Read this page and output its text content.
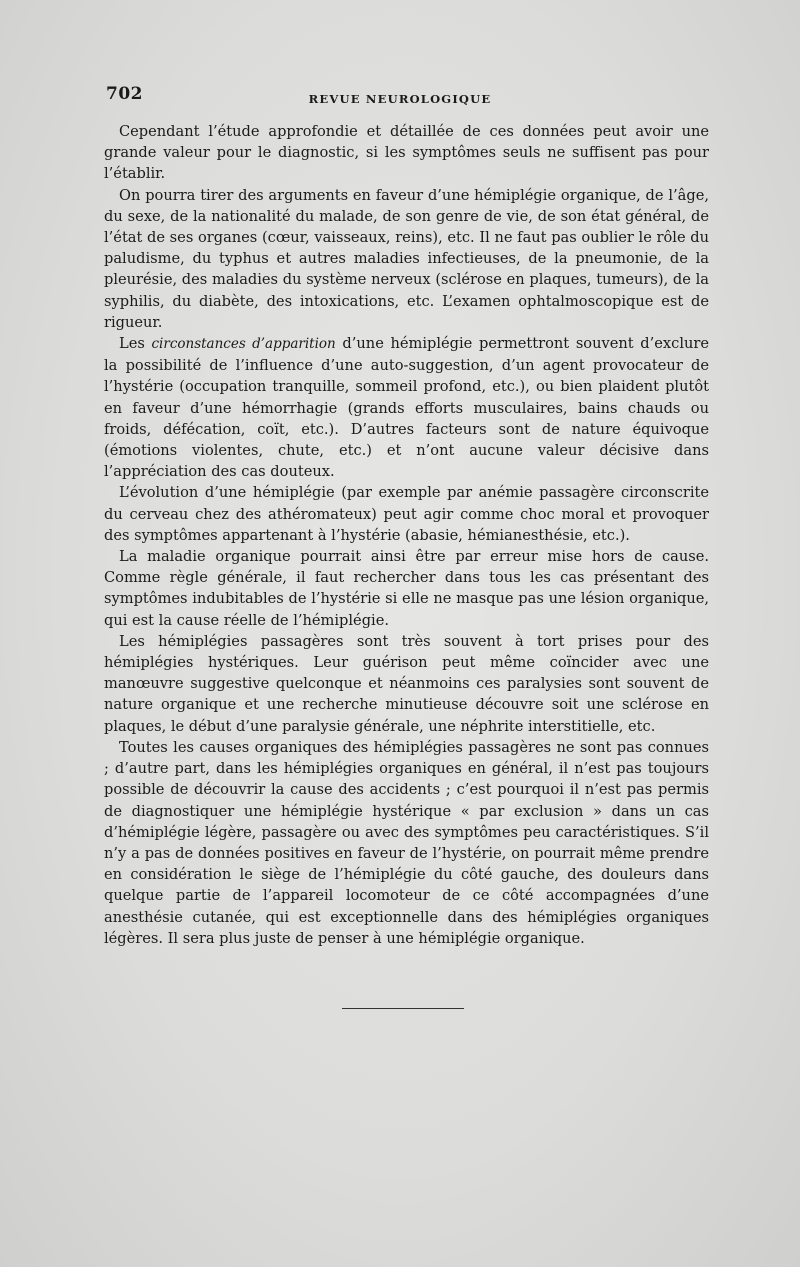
702	REVUE NEUROLOGIQUE

Cependant l’étude approfondie et détaillée de ces données peut avoir une grande valeur pour le diagnostic, si les symptômes seuls ne suffisent pas pour l’établir.

On pourra tirer des arguments en faveur d’une hémiplégie organique, de l’âge, du sexe, de la nationalité du malade, de son genre de vie, de son état général, de l’état de ses organes (cœur, vaisseaux, reins), etc. Il ne faut pas oublier le rôle du paludisme, du typhus et autres maladies infectieuses, de la pneumonie, de la pleurésie, des maladies du système nerveux (sclérose en plaques, tumeurs), de la syphilis, du diabète, des intoxications, etc. L’examen ophtalmoscopique est de rigueur.

Les circonstances d’apparition d’une hémiplégie permettront souvent d’exclure la possibilité de l’influence d’une auto-suggestion, d’un agent provocateur de l’hystérie (occupation tranquille, sommeil profond, etc.), ou bien plaident plutôt en faveur d’une hémorrhagie (grands efforts musculaires, bains chauds ou froids, défécation, coït, etc.). D’autres facteurs sont de nature équivoque (émotions violentes, chute, etc.) et n’ont aucune valeur décisive dans l’appréciation des cas douteux.

L’évolution d’une hémiplégie (par exemple par anémie passagère circonscrite du cerveau chez des athéromateux) peut agir comme choc moral et provoquer des symptômes appartenant à l’hystérie (abasie, hémianesthésie, etc.).

La maladie organique pourrait ainsi être par erreur mise hors de cause. Comme règle générale, il faut rechercher dans tous les cas présentant des symptômes indubitables de l’hystérie si elle ne masque pas une lésion organique, qui est la cause réelle de l’hémiplégie.

Les hémiplégies passagères sont très souvent à tort prises pour des hémiplégies hystériques. Leur guérison peut même coïncider avec une manœuvre suggestive quelconque et néanmoins ces paralysies sont souvent de nature organique et une recherche minutieuse découvre soit une sclérose en plaques, le début d’une paralysie générale, une néphrite interstitielle, etc.

Toutes les causes organiques des hémiplégies passagères ne sont pas connues ; d’autre part, dans les hémiplégies organiques en général, il n’est pas toujours possible de découvrir la cause des accidents ; c’est pourquoi il n’est pas permis de diagnostiquer une hémiplégie hystérique « par exclusion » dans un cas d’hémiplégie légère, passagère ou avec des symptômes peu caractéristiques. S’il n’y a pas de données positives en faveur de l’hystérie, on pourrait même prendre en considération le siège de l’hémiplégie du côté gauche, des douleurs dans quelque partie de l’appareil locomoteur de ce côté accompagnées d’une anesthésie cutanée, qui est exceptionnelle dans des hémiplégies organiques légères. Il sera plus juste de penser à une hémiplégie organique.
